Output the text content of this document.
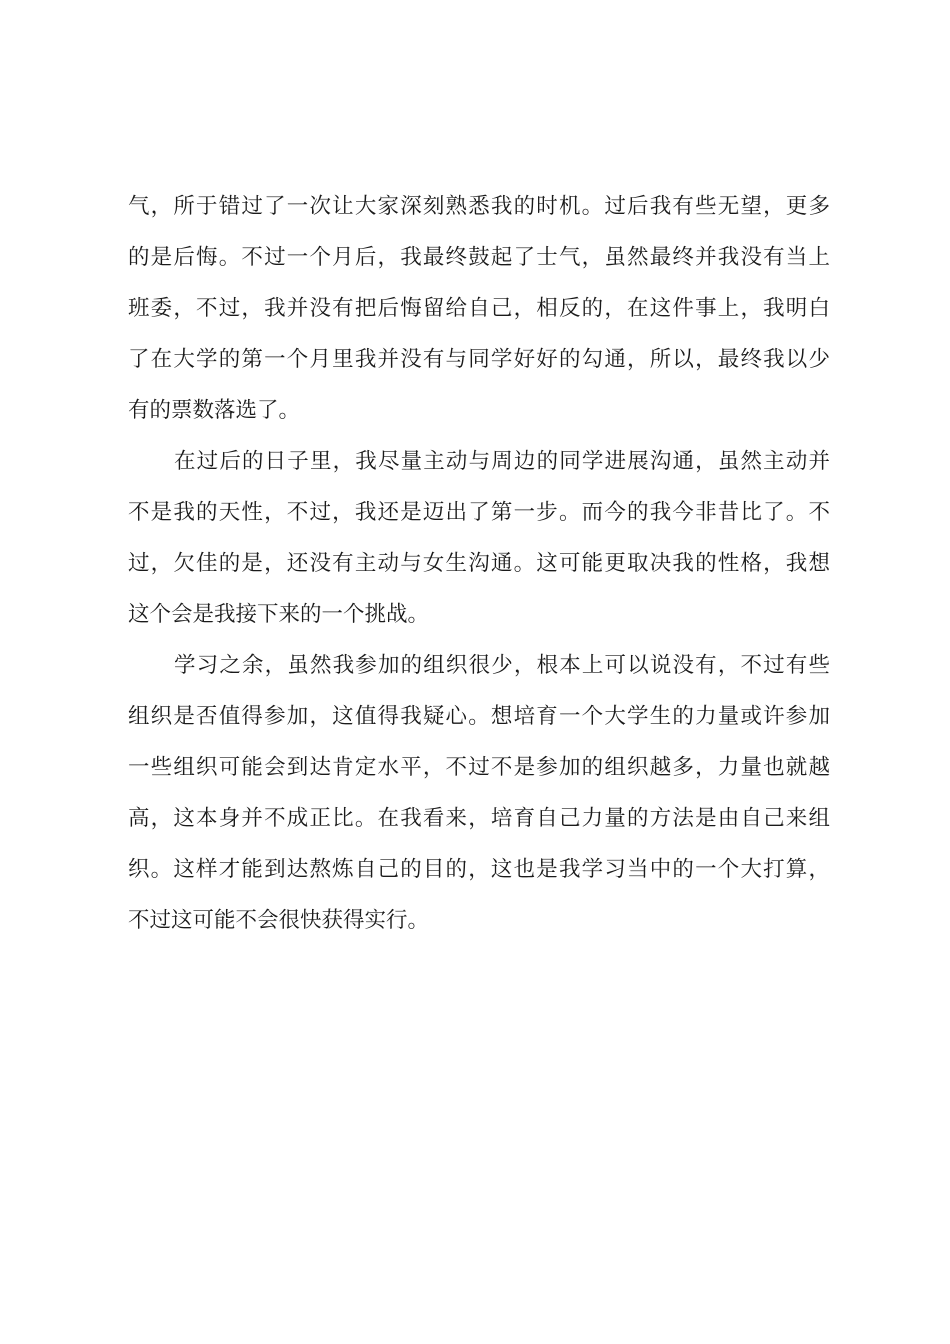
气，所于错过了一次让大家深刻熟悉我的时机。过后我有些无望，更多
的是后悔。不过一个月后，我最终鼓起了士气，虽然最终并我没有当上
班委，不过，我并没有把后悔留给自己，相反的，在这件事上，我明白
了在大学的第一个月里我并没有与同学好好的勾通，所以，最终我以少
有的票数落选了。
在过后的日子里，我尽量主动与周边的同学进展沟通，虽然主动并
不是我的天性，不过，我还是迈出了第一步。而今的我今非昔比了。不
过，欠佳的是，还没有主动与女生沟通。这可能更取决我的性格，我想
这个会是我接下来的一个挑战。
学习之余，虽然我参加的组织很少，根本上可以说没有，不过有些
组织是否值得参加，这值得我疑心。想培育一个大学生的力量或许参加
一些组织可能会到达肯定水平，不过不是参加的组织越多，力量也就越
高，这本身并不成正比。在我看来，培育自己力量的方法是由自己来组
织。这样才能到达熬炼自己的目的，这也是我学习当中的一个大打算，
不过这可能不会很快获得实行。
